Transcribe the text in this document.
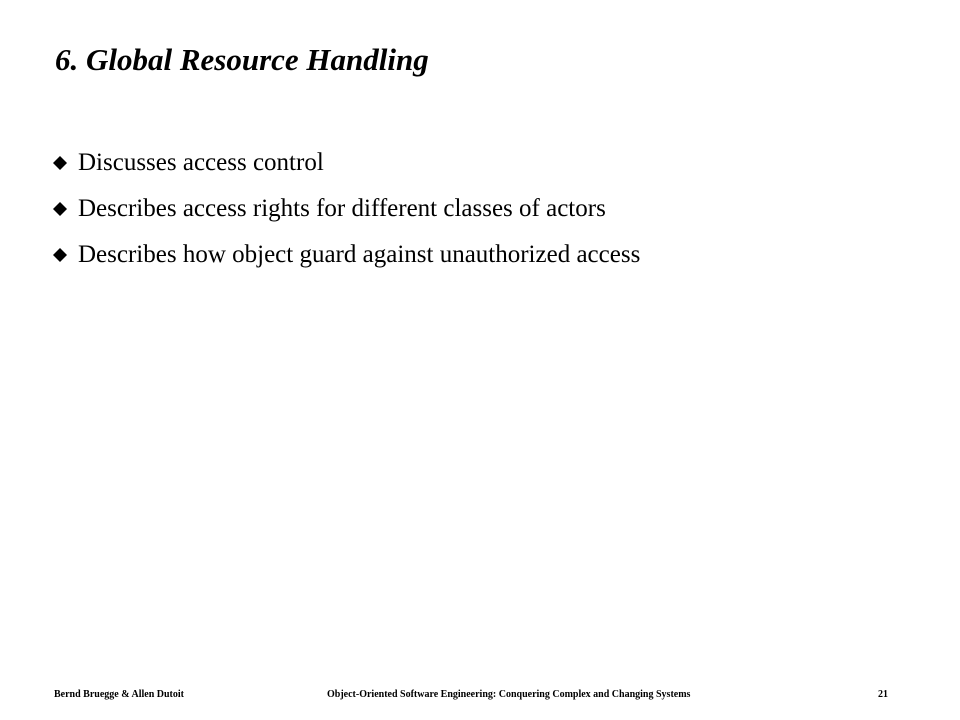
6. Global Resource Handling
Discusses access control
Describes access rights for different classes of actors
Describes how object guard against unauthorized access
Bernd Bruegge & Allen Dutoit	Object-Oriented Software Engineering: Conquering Complex and Changing Systems	21
